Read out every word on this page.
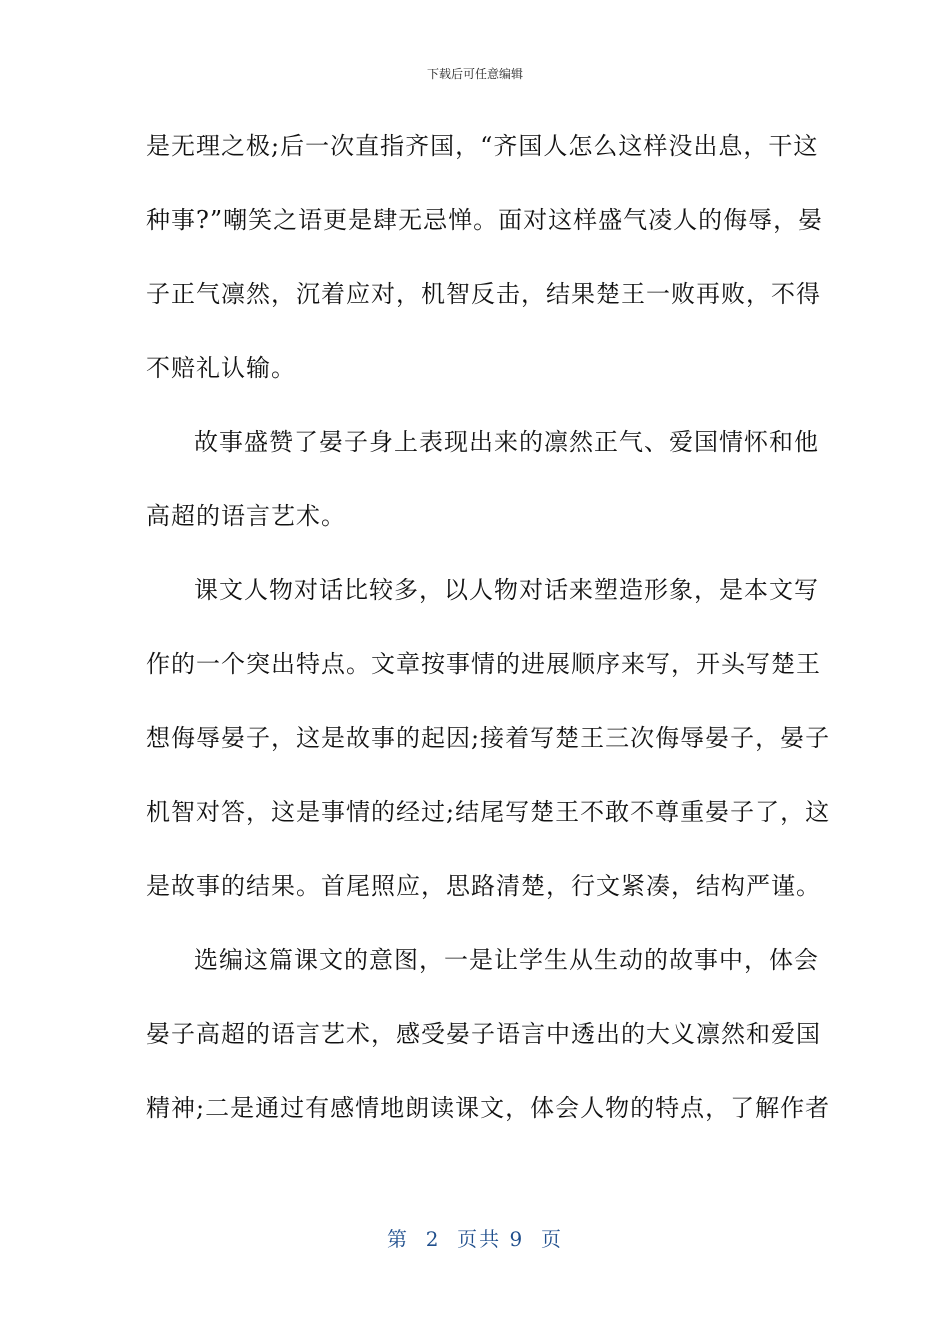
下载后可任意编辑
是无理之极;后一次直指齐国，“齐国人怎么这样没出息，干这
种事?”嘲笑之语更是肆无忌惮。面对这样盛气凌人的侮辱，晏
子正气凛然，沉着应对，机智反击，结果楚王一败再败，不得
不赔礼认输。
故事盛赞了晏子身上表现出来的凛然正气、爱国情怀和他
高超的语言艺术。
课文人物对话比较多，以人物对话来塑造形象，是本文写
作的一个突出特点。文章按事情的进展顺序来写，开头写楚王
想侮辱晏子，这是故事的起因;接着写楚王三次侮辱晏子，晏子
机智对答，这是事情的经过;结尾写楚王不敢不尊重晏子了，这
是故事的结果。首尾照应，思路清楚，行文紧凑，结构严谨。
选编这篇课文的意图，一是让学生从生动的故事中，体会
晏子高超的语言艺术，感受晏子语言中透出的大义凛然和爱国
精神;二是通过有感情地朗读课文，体会人物的特点，了解作者
第  2  页共 9  页
